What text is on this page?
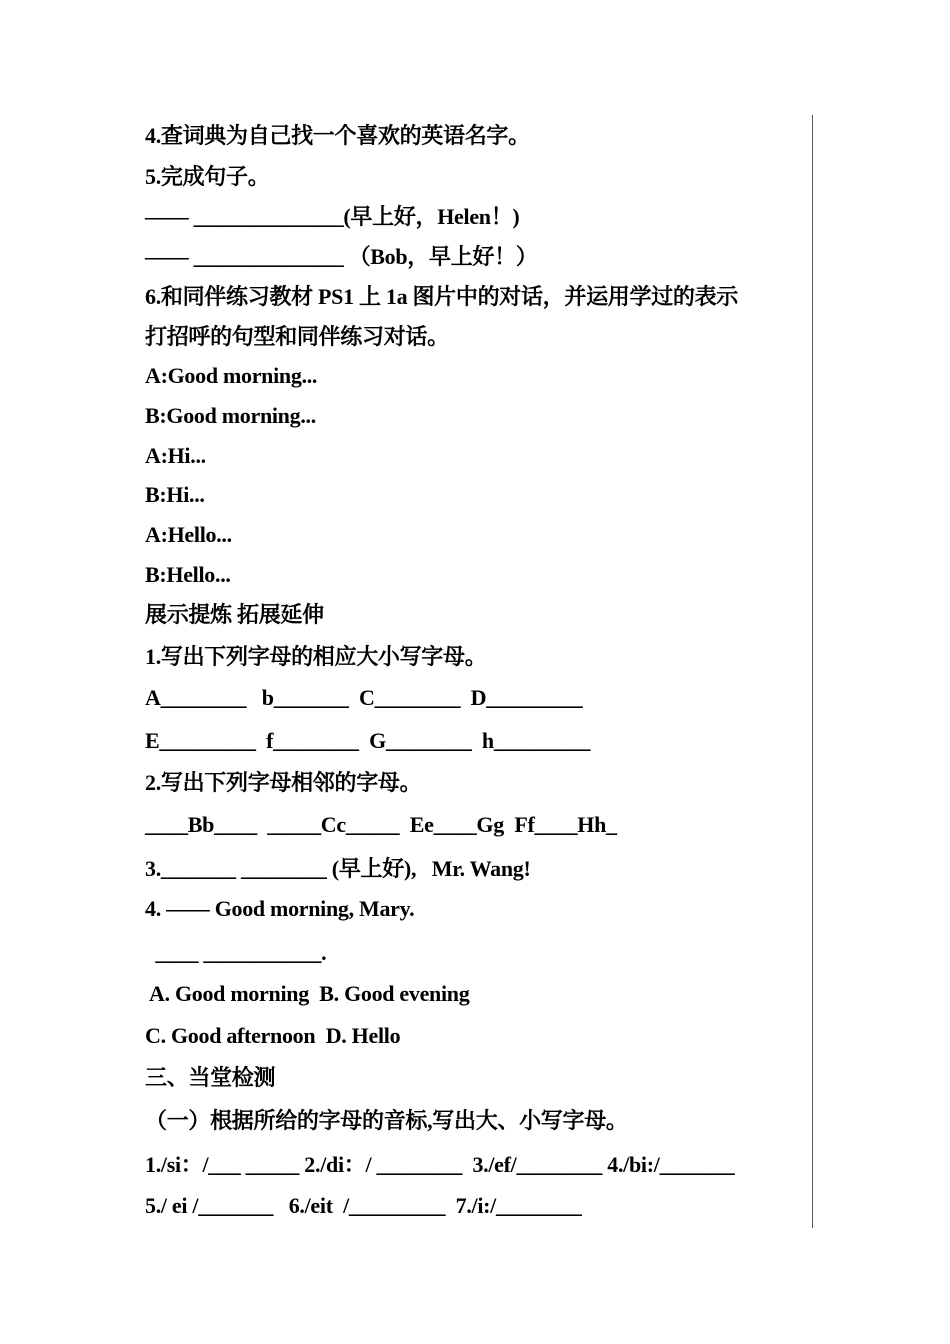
4.查词典为自己找一个喜欢的英语名字。
5.完成句子。
—— ______________(早上好，Helen！)
—— ______________ （Bob，早上好！）
6.和同伴练习教材 PS1 上 1a 图片中的对话，并运用学过的表示
打招呼的句型和同伴练习对话。
A:Good morning...
B:Good morning...
A:Hi...
B:Hi...
A:Hello...
B:Hello...
展示提炼 拓展延伸
1.写出下列字母的相应大小写字母。
A________   b_______  C________  D_________
E_________  f________  G________  h_________
2.写出下列字母相邻的字母。
____Bb____  _____Cc_____  Ee____Gg  Ff____Hh_
3._______ ________ (早上好),   Mr. Wang!
4. —— Good morning, Mary.
____ ___________.
A. Good morning  B. Good evening
C. Good afternoon  D. Hello
三、当堂检测
（一）根据所给的字母的音标,写出大、小写字母。
1./si：/___ _____ 2./di：/ ________  3./ef/________ 4./bi:/_______
5./ ei /_______   6./eit  /_________  7./i:/________
